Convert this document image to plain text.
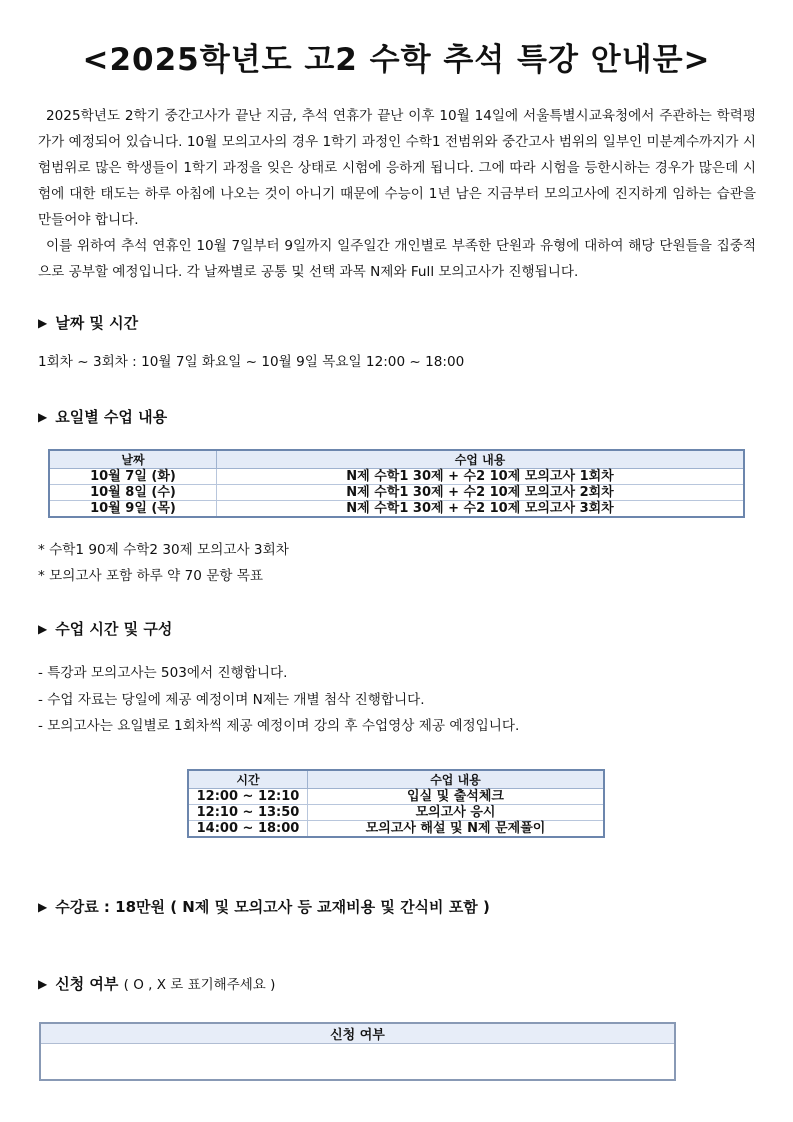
<2025학년도 고2 수학 추석 특강 안내문>

2025학년도 2학기 중간고사가 끝난 지금, 추석 연휴가 끝난 이후 10월 14일에 서울특별시교육청에서 주관하는 학력평가가 예정되어 있습니다. 10월 모의고사의 경우 1학기 과정인 수학1 전범위와 중간고사 범위의 일부인 미분계수까지가 시험범위로 많은 학생들이 1학기 과정을 잊은 상태로 시험에 응하게 됩니다. 그에 따라 시험을 등한시하는 경우가 많은데 시험에 대한 태도는 하루 아침에 나오는 것이 아니기 때문에 수능이 1년 남은 지금부터 모의고사에 진지하게 임하는 습관을 만들어야 합니다.

이를 위하여 추석 연휴인 10월 7일부터 9일까지 일주일간 개인별로 부족한 단원과 유형에 대하여 해당 단원들을 집중적으로 공부할 예정입니다. 각 날짜별로 공통 및 선택 과목 N제와 Full 모의고사가 진행됩니다.

▶ 날짜 및 시간
1회차 ~ 3회차 : 10월 7일 화요일 ~ 10월 9일 목요일 12:00 ~ 18:00
▶ 요일별 수업 내용
날짜	수업 내용
10월 7일 (화)	N제 수학1 30제 + 수2 10제 모의고사 1회차
10월 8일 (수)	N제 수학1 30제 + 수2 10제 모의고사 2회차
10월 9일 (목)	N제 수학1 30제 + 수2 10제 모의고사 3회차
* 수학1 90제 수학2 30제 모의고사 3회차
* 모의고사 포함 하루 약 70 문항 목표
▶ 수업 시간 및 구성
- 특강과 모의고사는 503에서 진행합니다.
- 수업 자료는 당일에 제공 예정이며 N제는 개별 첨삭 진행합니다.
- 모의고사는 요일별로 1회차씩 제공 예정이며 강의 후 수업영상 제공 예정입니다.
시간	수업 내용
12:00 ~ 12:10	입실 및 출석체크
12:10 ~ 13:50	모의고사 응시
14:00 ~ 18:00	모의고사 해설 및 N제 문제풀이
▶ 수강료 : 18만원 ( N제 및 모의고사 등 교재비용 및 간식비 포함 )
▶ 신청 여부 ( O , X 로 표기해주세요 )
신청 여부
